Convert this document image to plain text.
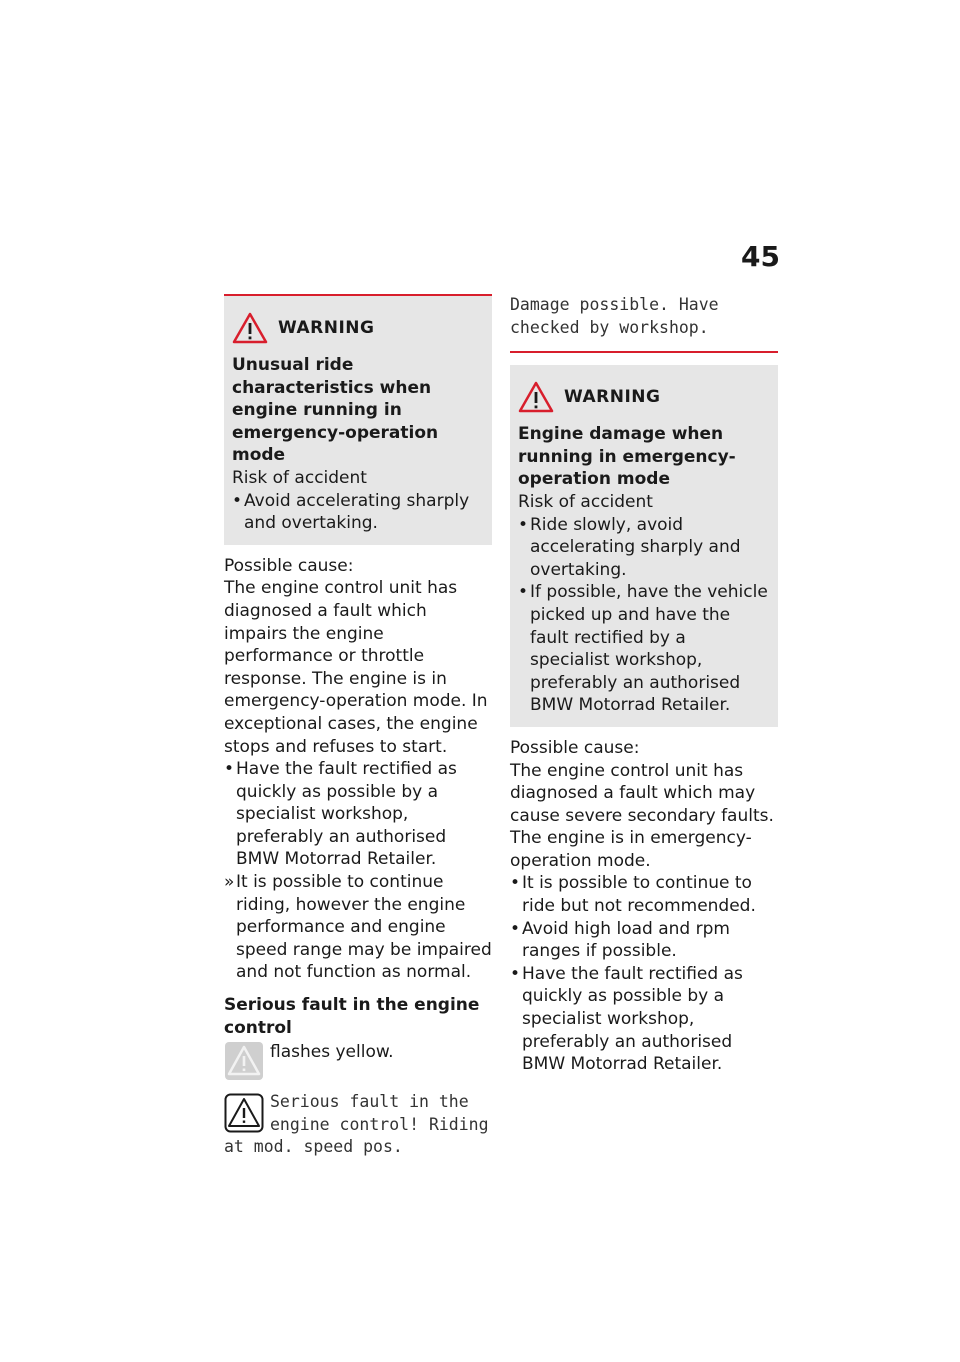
45
WARNING

Unusual ride characteristics when engine running in emergency-operation mode

Risk of accident

• Avoid accelerating sharply and overtaking.

Possible cause:

The engine control unit has diagnosed a fault which impairs the engine performance or throttle response. The engine is in emergency-operation mode. In exceptional cases, the engine stops and refuses to start.

• Have the fault rectified as quickly as possible by a specialist workshop, preferably an authorised BMW Motorrad Retailer.
» It is possible to continue riding, however the engine performance and engine speed range may be impaired and not function as normal.

Serious fault in the engine control

flashes yellow.
Serious fault in the engine control! Riding at mod. speed pos.
Damage possible. Have checked by workshop.
WARNING

Engine damage when running in emergency-operation mode

Risk of accident

• Ride slowly, avoid accelerating sharply and overtaking.
• If possible, have the vehicle picked up and have the fault rectified by a specialist workshop, preferably an authorised BMW Motorrad Retailer.

Possible cause:

The engine control unit has diagnosed a fault which may cause severe secondary faults. The engine is in emergency-operation mode.

• It is possible to continue to ride but not recommended.
• Avoid high load and rpm ranges if possible.
• Have the fault rectified as quickly as possible by a specialist workshop, preferably an authorised BMW Motorrad Retailer.
